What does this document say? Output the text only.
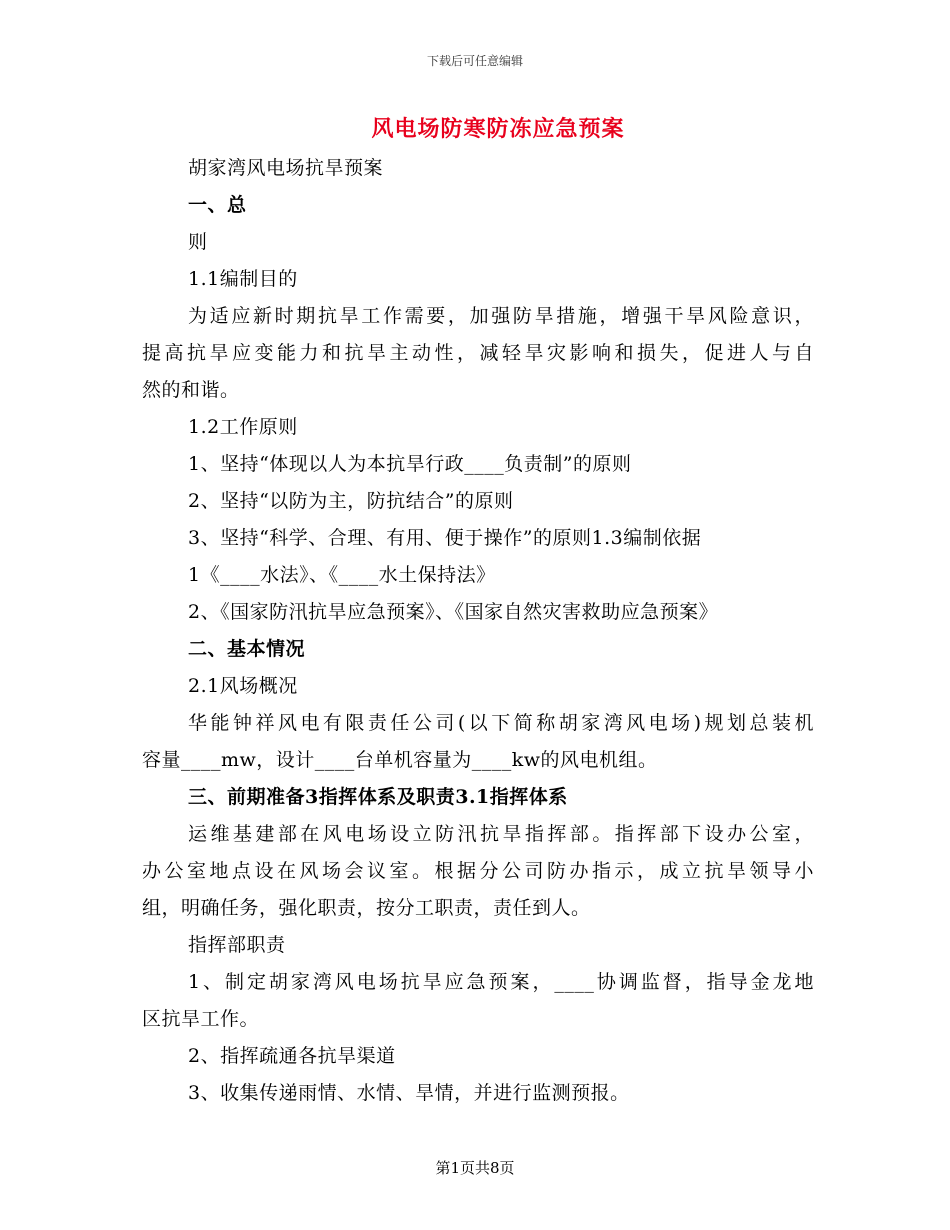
下载后可任意编辑
风电场防寒防冻应急预案
胡家湾风电场抗旱预案
一、总
则
1.1编制目的
为适应新时期抗旱工作需要，加强防旱措施，增强干旱风险意识，
提高抗旱应变能力和抗旱主动性，减轻旱灾影响和损失，促进人与自
然的和谐。
1.2工作原则
1、坚持“体现以人为本抗旱行政____负责制”的原则
2、坚持“以防为主，防抗结合”的原则
3、坚持“科学、合理、有用、便于操作”的原则1.3编制依据
1《____水法》、《____水土保持法》
2、《国家防汛抗旱应急预案》、《国家自然灾害救助应急预案》
二、基本情况
2.1风场概况
华能钟祥风电有限责任公司(以下简称胡家湾风电场)规划总装机
容量____mw，设计____台单机容量为____kw的风电机组。
三、前期准备3指挥体系及职责3.1指挥体系
运维基建部在风电场设立防汛抗旱指挥部。指挥部下设办公室，
办公室地点设在风场会议室。根据分公司防办指示，成立抗旱领导小
组，明确任务，强化职责，按分工职责，责任到人。
指挥部职责
1、制定胡家湾风电场抗旱应急预案，____协调监督，指导金龙地
区抗旱工作。
2、指挥疏通各抗旱渠道
3、收集传递雨情、水情、旱情，并进行监测预报。
第1页共8页
